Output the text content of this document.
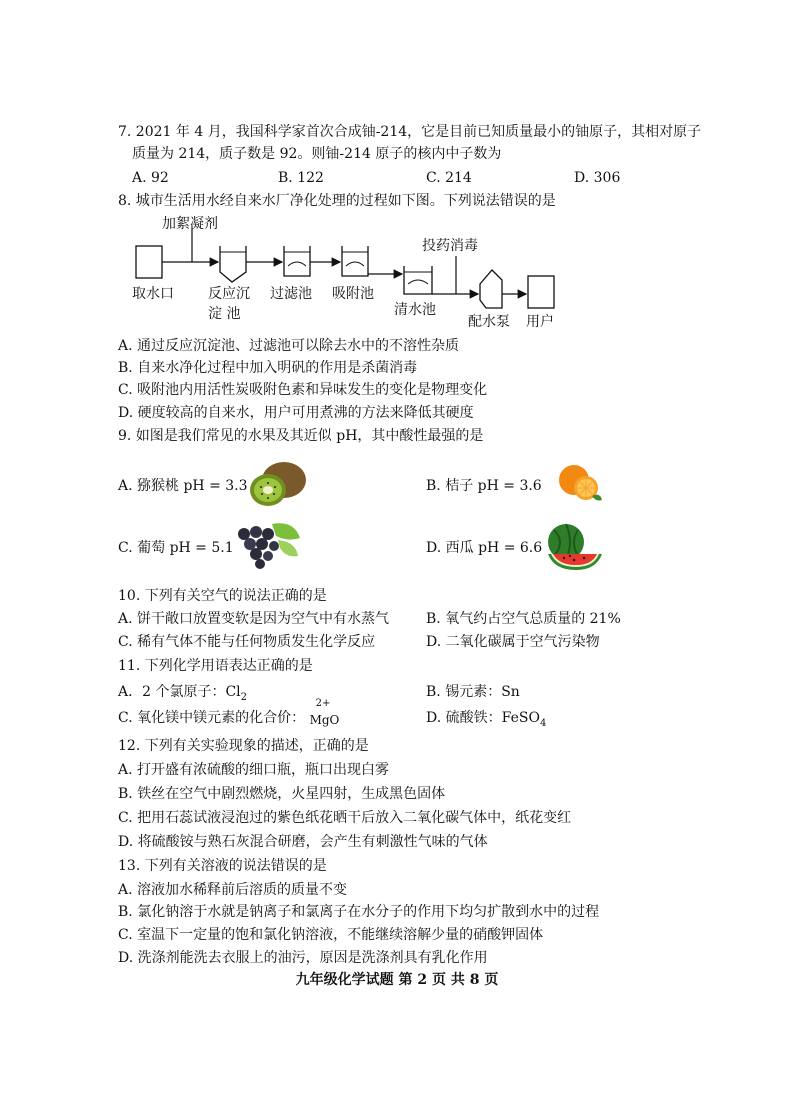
7. 2021 年 4 月，我国科学家首次合成铀-214，它是目前已知质量最小的铀原子，其相对原子
质量为 214，质子数是 92。则铀-214 原子的核内中子数为
A. 92	B. 122	C. 214	D. 306
8. 城市生活用水经自来水厂净化处理的过程如下图。下列说法错误的是
加絮凝剂
投药消毒
取水口 反应沉
淀 池
过滤池 吸附池
清水池
配水泵 用户
A. 通过反应沉淀池、过滤池可以除去水中的不溶性杂质
B. 自来水净化过程中加入明矾的作用是杀菌消毒
C. 吸附池内用活性炭吸附色素和异味发生的变化是物理变化
D. 硬度较高的自来水，用户可用煮沸的方法来降低其硬度
9. 如图是我们常见的水果及其近似 pH，其中酸性最强的是
A. 猕猴桃 pH = 3.3	B. 桔子 pH = 3.6
C. 葡萄 pH = 5.1	D. 西瓜 pH = 6.6
10. 下列有关空气的说法正确的是
A. 饼干敞口放置变软是因为空气中有水蒸气	B. 氧气约占空气总质量的 21%
C. 稀有气体不能与任何物质发生化学反应	D. 二氧化碳属于空气污染物
11. 下列化学用语表达正确的是
A．2 个氯原子：$Cl_2$	B. 锡元素：Sn
C. 氧化镁中镁元素的化合价：
2+
MgO	D. 硫酸铁：FeSO$_4$
12. 下列有关实验现象的描述，正确的是
A. 打开盛有浓硫酸的细口瓶，瓶口出现白雾
B. 铁丝在空气中剧烈燃烧，火星四射，生成黑色固体
C. 把用石蕊试液浸泡过的紫色纸花晒干后放入二氧化碳气体中，纸花变红
D. 将硫酸铵与熟石灰混合研磨，会产生有刺激性气味的气体
13. 下列有关溶液的说法错误的是
A. 溶液加水稀释前后溶质的质量不变
B. 氯化钠溶于水就是钠离子和氯离子在水分子的作用下均匀扩散到水中的过程
C. 室温下一定量的饱和氯化钠溶液，不能继续溶解少量的硝酸钾固体
D. 洗涤剂能洗去衣服上的油污，原因是洗涤剂具有乳化作用
九年级化学试题 第 2 页 共 8 页
